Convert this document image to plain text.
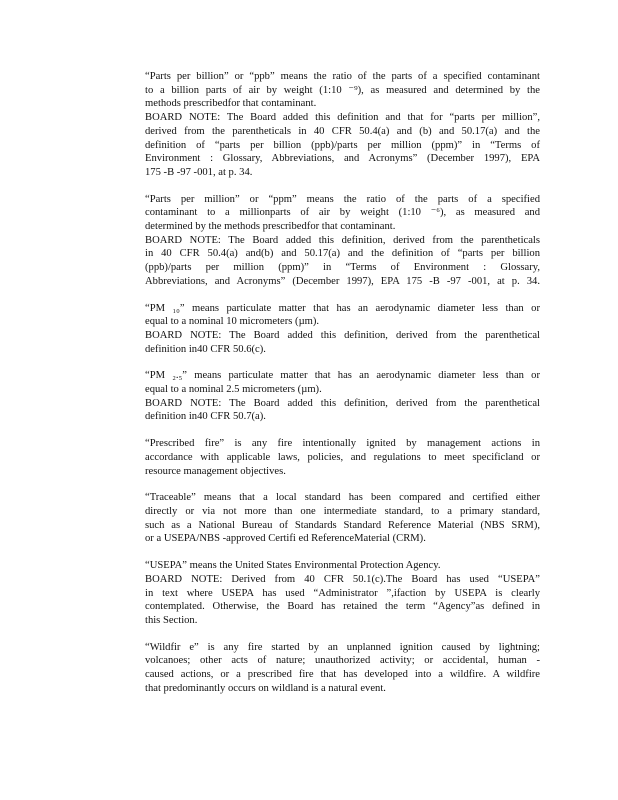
“Parts per billion” or “ppb” means the ratio of the parts of a specified contaminant
to a billion parts of air by weight (1:10 ⁻⁹), as measured and determined by the
methods prescribedfor that contaminant.
BOARD NOTE: The Board added this definition and that for “parts per million”,
derived from the parentheticals in 40 CFR 50.4(a) and (b) and 50.17(a) and the
definition of “parts per billion (ppb)/parts per million (ppm)” in “Terms of
Environment : Glossary, Abbreviations, and Acronyms” (December 1997), EPA
175 -B -97 -001, at p. 34.
“Parts per million” or “ppm” means the ratio of the parts of a specified
contaminant to a millionparts of air by weight (1:10 ⁻⁶), as measured and
determined by the methods prescribedfor that contaminant.
BOARD NOTE: The Board added this definition, derived from the parentheticals
in 40 CFR 50.4(a) and(b) and 50.17(a) and the definition of “parts per billion
(ppb)/parts per million (ppm)” in “Terms of Environment : Glossary,
Abbreviations, and Acronyms” (December 1997), EPA 175 -B -97 -001, at p. 34.
“PM ₁₀” means particulate matter that has an aerodynamic diameter less than or
equal to a nominal 10 micrometers (µm).
BOARD NOTE: The Board added this definition, derived from the parenthetical
definition in40 CFR 50.6(c).
“PM ₂.₅” means particulate matter that has an aerodynamic diameter less than or
equal to a nominal 2.5 micrometers (µm).
BOARD NOTE: The Board added this definition, derived from the parenthetical
definition in40 CFR 50.7(a).
“Prescribed fire” is any fire intentionally ignited by management actions in
accordance with applicable laws, policies, and regulations to meet specificland or
resource management objectives.
“Traceable” means that a local standard has been compared and certified either
directly or via not more than one intermediate standard, to a primary standard,
such as a National Bureau of Standards Standard Reference Material (NBS SRM),
or a USEPA/NBS -approved Certifi ed ReferenceMaterial (CRM).
“USEPA” means the United States Environmental Protection Agency.
BOARD NOTE: Derived from 40 CFR 50.1(c).The Board has used “USEPA”
in text where USEPA has used “Administrator ”,ifaction by USEPA is clearly
contemplated. Otherwise, the Board has retained the term “Agency”as defined in
this Section.
“Wildfir e” is any fire started by an unplanned ignition caused by lightning;
volcanoes; other acts of nature; unauthorized activity; or accidental, human -
caused actions, or a prescribed fire that has developed into a wildfire. A wildfire
that predominantly occurs on wildland is a natural event.
